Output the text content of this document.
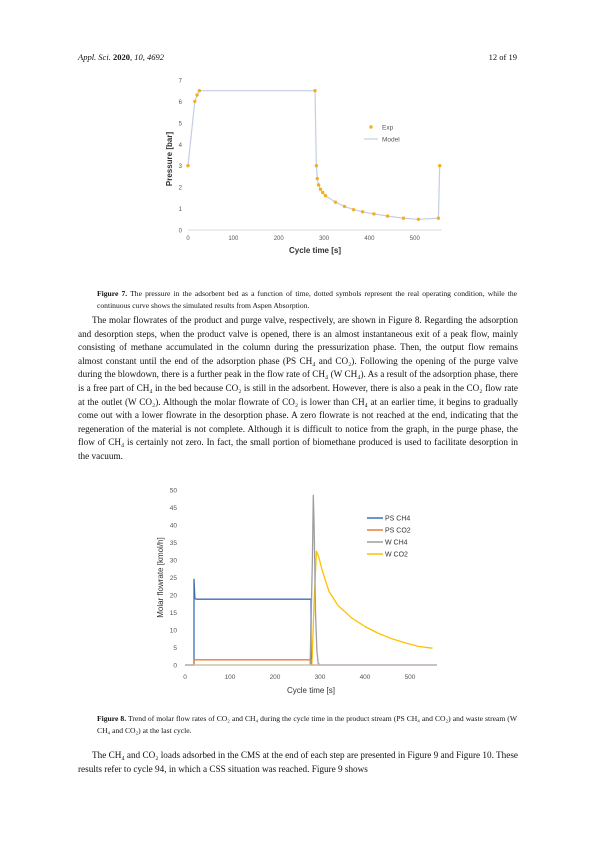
Appl. Sci. 2020, 10, 4692	12 of 19
0
1
2
3
4
5
6
7
0	100	200	300	400	500
Cycle time [s]
Pressure [bar]
Exp
Model
Figure 7. The pressure in the adsorbent bed as a function of time, dotted symbols represent the real operating condition, while the continuous curve shows the simulated results from Aspen Absorption.

The molar flowrates of the product and purge valve, respectively, are shown in Figure 8. Regarding the adsorption and desorption steps, when the product valve is opened, there is an almost instantaneous exit of a peak flow, mainly consisting of methane accumulated in the column during the pressurization phase. Then, the output flow remains almost constant until the end of the adsorption phase (PS CH₄ and CO₂). Following the opening of the purge valve during the blowdown, there is a further peak in the flow rate of CH₄ (W CH₄). As a result of the adsorption phase, there is a free part of CH₄ in the bed because CO₂ is still in the adsorbent. However, there is also a peak in the CO₂ flow rate at the outlet (W CO₂). Although the molar flowrate of CO₂ is lower than CH₄ at an earlier time, it begins to gradually come out with a lower flowrate in the desorption phase. A zero flowrate is not reached at the end, indicating that the regeneration of the material is not complete. Although it is difficult to notice from the graph, in the purge phase, the flow of CH₄ is certainly not zero. In fact, the small portion of biomethane produced is used to facilitate desorption in the vacuum.

0
5
10
15
20
25
30
35
40
45
50
0	100	200	300	400	500
Cycle time [s]
Molar flowrate [kmol/h]
PS CH4
PS CO2
W CH4
W CO2
Figure 8. Trend of molar flow rates of CO₂ and CH₄ during the cycle time in the product stream (PS CH₄ and CO₂) and waste stream (W CH₄ and CO₂) at the last cycle.

The CH₄ and CO₂ loads adsorbed in the CMS at the end of each step are presented in Figure 9 and Figure 10. These results refer to cycle 94, in which a CSS situation was reached. Figure 9 shows
